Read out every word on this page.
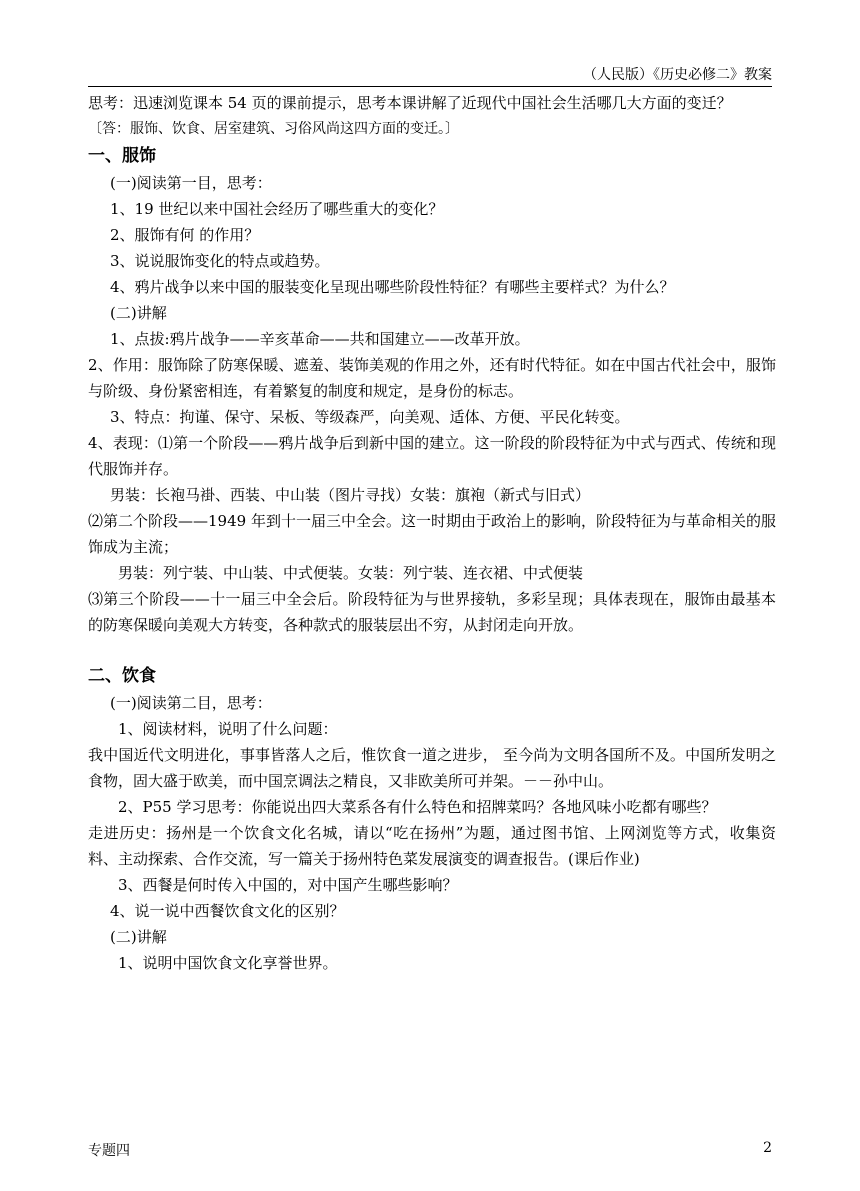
（人民版）《历史必修二》教案

思考：迅速浏览课本 54 页的课前提示，思考本课讲解了近现代中国社会生活哪几大方面的变迁？

〔答：服饰、饮食、居室建筑、习俗风尚这四方面的变迁。〕

一、服饰

(一)阅读第一目，思考：

1、19 世纪以来中国社会经历了哪些重大的变化？

2、服饰有何 的作用？

3、说说服饰变化的特点或趋势。

4、鸦片战争以来中国的服装变化呈现出哪些阶段性特征？有哪些主要样式？为什么？

(二)讲解

1、点拔:鸦片战争——辛亥革命——共和国建立——改革开放。

2、作用：服饰除了防寒保暖、遮羞、装饰美观的作用之外，还有时代特征。如在中国古代社会中，服饰与阶级、身份紧密相连，有着繁复的制度和规定，是身份的标志。

3、特点：拘谨、保守、呆板、等级森严，向美观、适体、方便、平民化转变。

4、表现：⑴第一个阶段——鸦片战争后到新中国的建立。这一阶段的阶段特征为中式与西式、传统和现代服饰并存。

男装：长袍马褂、西装、中山装（图片寻找）女装：旗袍（新式与旧式）

⑵第二个阶段——1949 年到十一届三中全会。这一时期由于政治上的影响，阶段特征为与革命相关的服饰成为主流；

男装：列宁装、中山装、中式便装。女装：列宁装、连衣裙、中式便装

⑶第三个阶段——十一届三中全会后。阶段特征为与世界接轨，多彩呈现；具体表现在，服饰由最基本的防寒保暖向美观大方转变，各种款式的服装层出不穷，从封闭走向开放。

二、饮食

(一)阅读第二目，思考：

1、阅读材料，说明了什么问题：

我中国近代文明进化，事事皆落人之后，惟饮食一道之进步， 至今尚为文明各国所不及。中国所发明之食物，固大盛于欧美，而中国烹调法之精良，又非欧美所可并架。－－孙中山。

2、P55 学习思考：你能说出四大菜系各有什么特色和招牌菜吗？各地风味小吃都有哪些？

走进历史：扬州是一个饮食文化名城，请以“吃在扬州”为题，通过图书馆、上网浏览等方式，收集资料、主动探索、合作交流，写一篇关于扬州特色菜发展演变的调查报告。(课后作业)

3、西餐是何时传入中国的，对中国产生哪些影响？

4、说一说中西餐饮食文化的区别？

(二)讲解

1、说明中国饮食文化享誉世界。

专题四	2
